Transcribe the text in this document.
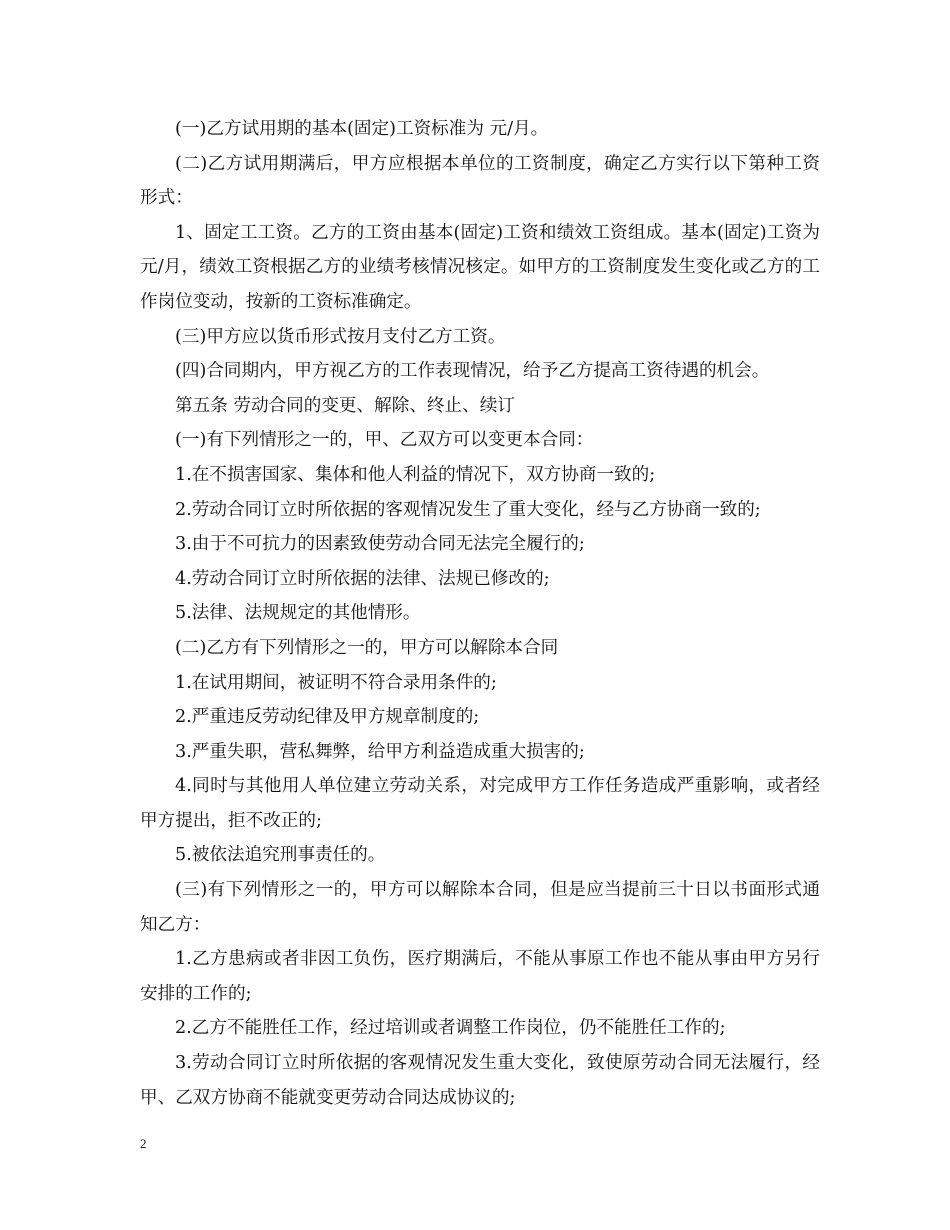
(一)乙方试用期的基本(固定)工资标准为 元/月。

(二)乙方试用期满后，甲方应根据本单位的工资制度，确定乙方实行以下第种工资形式：

1、固定工工资。乙方的工资由基本(固定)工资和绩效工资组成。基本(固定)工资为 元/月，绩效工资根据乙方的业绩考核情况核定。如甲方的工资制度发生变化或乙方的工作岗位变动，按新的工资标准确定。

(三)甲方应以货币形式按月支付乙方工资。

(四)合同期内，甲方视乙方的工作表现情况，给予乙方提高工资待遇的机会。

第五条 劳动合同的变更、解除、终止、续订

(一)有下列情形之一的，甲、乙双方可以变更本合同：

1.在不损害国家、集体和他人利益的情况下，双方协商一致的;

2.劳动合同订立时所依据的客观情况发生了重大变化，经与乙方协商一致的;

3.由于不可抗力的因素致使劳动合同无法完全履行的;

4.劳动合同订立时所依据的法律、法规已修改的;

5.法律、法规规定的其他情形。

(二)乙方有下列情形之一的，甲方可以解除本合同

1.在试用期间，被证明不符合录用条件的;

2.严重违反劳动纪律及甲方规章制度的;

3.严重失职，营私舞弊，给甲方利益造成重大损害的;

4.同时与其他用人单位建立劳动关系，对完成甲方工作任务造成严重影响，或者经甲方提出，拒不改正的;

5.被依法追究刑事责任的。

(三)有下列情形之一的，甲方可以解除本合同，但是应当提前三十日以书面形式通知乙方：

1.乙方患病或者非因工负伤，医疗期满后，不能从事原工作也不能从事由甲方另行安排的工作的;

2.乙方不能胜任工作，经过培训或者调整工作岗位，仍不能胜任工作的;

3.劳动合同订立时所依据的客观情况发生重大变化，致使原劳动合同无法履行，经甲、乙双方协商不能就变更劳动合同达成协议的;

2
